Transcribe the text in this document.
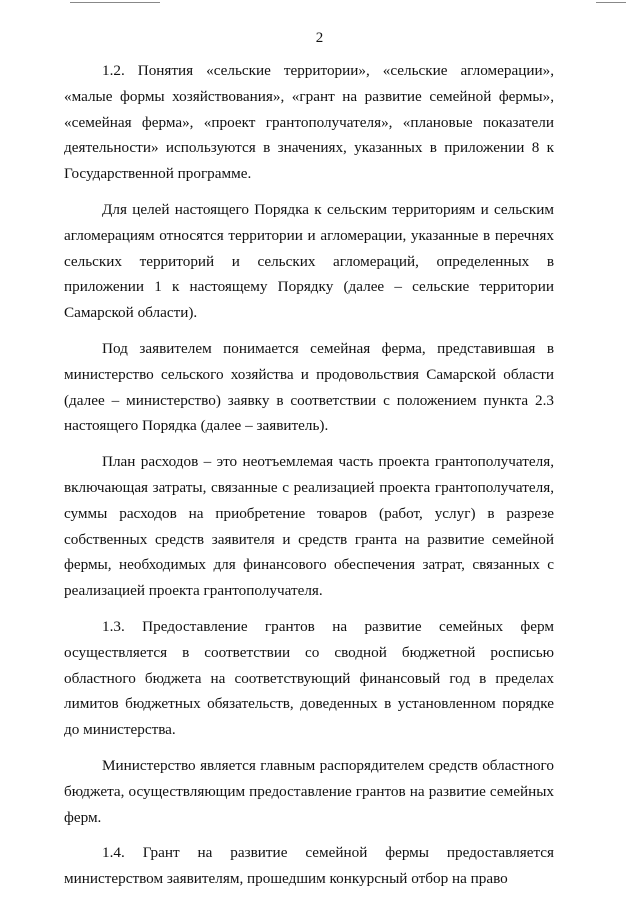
2

1.2. Понятия «сельские территории», «сельские агломерации», «малые формы хозяйствования», «грант на развитие семейной фермы», «семейная ферма», «проект грантополучателя», «плановые показатели деятельности» используются в значениях, указанных в приложении 8 к Государственной программе.

Для целей настоящего Порядка к сельским территориям и сельским агломерациям относятся территории и агломерации, указанные в перечнях сельских территорий и сельских агломераций, определенных в приложении 1 к настоящему Порядку (далее – сельские территории Самарской области).

Под заявителем понимается семейная ферма, представившая в министерство сельского хозяйства и продовольствия Самарской области (далее – министерство) заявку в соответствии с положением пункта 2.3 настоящего Порядка (далее – заявитель).

План расходов – это неотъемлемая часть проекта грантополучателя, включающая затраты, связанные с реализацией проекта грантополучателя, суммы расходов на приобретение товаров (работ, услуг) в разрезе собственных средств заявителя и средств гранта на развитие семейной фермы, необходимых для финансового обеспечения затрат, связанных с реализацией проекта грантополучателя.

1.3. Предоставление грантов на развитие семейных ферм осуществляется в соответствии со сводной бюджетной росписью областного бюджета на соответствующий финансовый год в пределах лимитов бюджетных обязательств, доведенных в установленном порядке до министерства.

Министерство является главным распорядителем средств областного бюджета, осуществляющим предоставление грантов на развитие семейных ферм.

1.4. Грант на развитие семейной фермы предоставляется министерством заявителям, прошедшим конкурсный отбор на право
